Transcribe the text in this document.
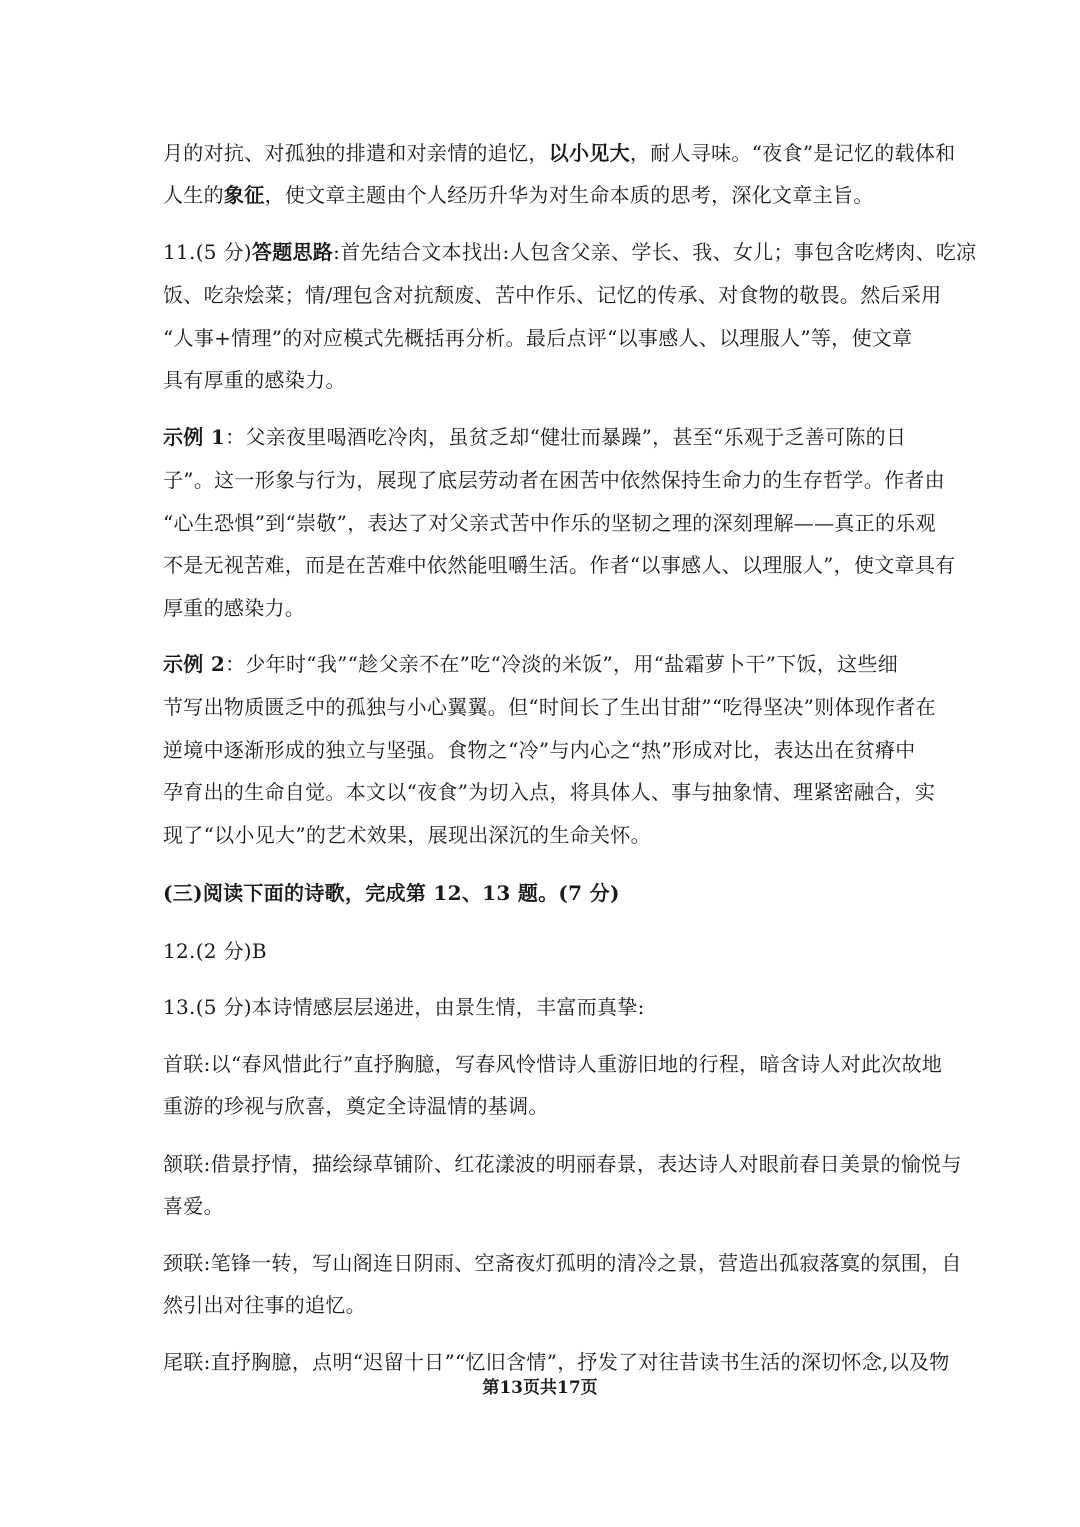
月的对抗、对孤独的排遣和对亲情的追忆，以小见大，耐人寻味。“夜食”是记忆的载体和
人生的象征，使文章主题由个人经历升华为对生命本质的思考，深化文章主旨。
11.(5 分)答题思路:首先结合文本找出:人包含父亲、学长、我、女儿；事包含吃烤肉、吃凉
饭、吃杂烩菜；情/理包含对抗颓废、苦中作乐、记忆的传承、对食物的敬畏。然后采用
“人事+情理”的对应模式先概括再分析。最后点评“以事感人、以理服人”等，使文章
具有厚重的感染力。
示例 1：父亲夜里喝酒吃冷肉，虽贫乏却“健壮而暴躁”，甚至“乐观于乏善可陈的日
子”。这一形象与行为，展现了底层劳动者在困苦中依然保持生命力的生存哲学。作者由
“心生恐惧”到“崇敬”，表达了对父亲式苦中作乐的坚韧之理的深刻理解——真正的乐观
不是无视苦难，而是在苦难中依然能咀嚼生活。作者“以事感人、以理服人”，使文章具有
厚重的感染力。
示例 2：少年时“我”“趁父亲不在”吃“冷淡的米饭”，用“盐霜萝卜干”下饭，这些细
节写出物质匮乏中的孤独与小心翼翼。但“时间长了生出甘甜”“吃得坚决”则体现作者在
逆境中逐渐形成的独立与坚强。食物之“冷”与内心之“热”形成对比，表达出在贫瘠中
孕育出的生命自觉。本文以“夜食”为切入点，将具体人、事与抽象情、理紧密融合，实
现了“以小见大”的艺术效果，展现出深沉的生命关怀。
(三)阅读下面的诗歌，完成第 12、13 题。(7 分)
12.(2 分)B
13.(5 分)本诗情感层层递进，由景生情，丰富而真挚:
首联:以“春风惜此行”直抒胸臆，写春风怜惜诗人重游旧地的行程，暗含诗人对此次故地
重游的珍视与欣喜，奠定全诗温情的基调。
颔联:借景抒情，描绘绿草铺阶、红花漾波的明丽春景，表达诗人对眼前春日美景的愉悦与
喜爱。
颈联:笔锋一转，写山阁连日阴雨、空斋夜灯孤明的清冷之景，营造出孤寂落寞的氛围，自
然引出对往事的追忆。
尾联:直抒胸臆，点明“迟留十日”“忆旧含情”，抒发了对往昔读书生活的深切怀念,以及物
第13页共17页
